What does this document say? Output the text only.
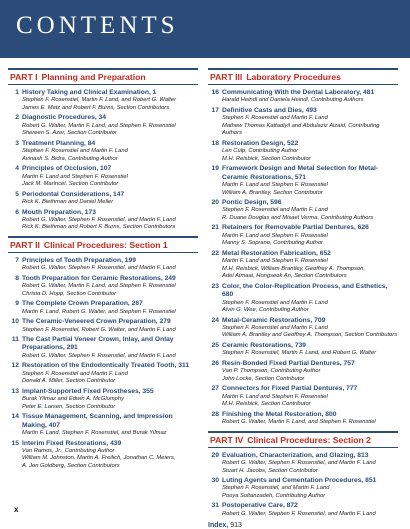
CONTENTS
PART I Planning and Preparation
1 History Taking and Clinical Examination, 1
Stephen F. Rosenstiel, Martin F. Land, and Robert G. Walter
James E. Metz and Robert F. Burns, Section Contributors
2 Diagnostic Procedures, 34
Robert G. Walter, Martin F. Land, and Stephen F. Rosenstiel
Shereen S. Azer, Section Contributor
3 Treatment Planning, 84
Stephen F. Rosenstiel and Martin F. Land
Avinash S. Bidra, Contributing Author
4 Principles of Occlusion, 107
Martin F. Land and Stephen F. Rosenstiel
Jack M. Marincel, Section Contributor
5 Periodontal Considerations, 147
Rick K. Biethman and Daniel Meller
6 Mouth Preparation, 173
Robert G. Walter, Stephen F. Rosenstiel, and Martin F. Land
Rick K. Biethman and Robert F. Burns, Section Contributors
PART II Clinical Procedures: Section 1
7 Principles of Tooth Preparation, 199
Robert G. Walter, Stephen F. Rosenstiel, and Martin F. Land
8 Tooth Preparation for Ceramic Restorations, 249
Robert G. Walter, Martin F. Land, and Stephen F. Rosenstiel
Christa D. Hopp, Section Contributor
9 The Complete Crown Preparation, 267
Martin F. Land, Robert G. Walter, and Stephen F. Rosenstiel
10 The Ceramic-Veneered Crown Preparation, 279
Stephen F. Rosenstiel, Robert G. Walter, and Martin F. Land
11 The Cast Partial Veneer Crown, Inlay, and Onlay Preparations, 291
Robert G. Walter, Stephen F. Rosenstiel, and Martin F. Land
12 Restoration of the Endodontically Treated Tooth, 311
Stephen F. Rosenstiel and Martin F. Land
Donald A. Miller, Section Contributor
13 Implant-Supported Fixed Prostheses, 355
Burak Yilmaz and Edwin A. McGlumphy
Peter E. Larsen, Section Contributor
14 Tissue Management, Scanning, and Impression Making, 407
Martin F. Land, Stephen F. Rosenstiel, and Burak Yilmaz
15 Interim Fixed Restorations, 439
Van Ramos, Jr., Contributing Author
William M. Johnston, Martin A. Freilich, Jonathan C. Meiers,
A. Jon Goldberg, Section Contributors
PART III Laboratory Procedures
16 Communicating With the Dental Laboratory, 481
Harald Heindl and Daniela Heindl, Contributing Authors
17 Definitive Casts and Dies, 493
Stephen F. Rosenstiel and Martin F. Land
Mathew Thomas Kattadiyil and Abdulaziz Alzaid, Contributing Authors
18 Restoration Design, 522
Len Culp, Contributing Author
M.H. Reisbick, Section Contributor
19 Framework Design and Metal Selection for Metal-Ceramic Restorations, 571
Martin F. Land and Stephen F. Rosenstiel
William A. Brantley, Section Contributor
20 Pontic Design, 596
Stephen F. Rosenstiel and Martin F. Land
R. Duane Douglas and Misael Verma, Contributing Authors
21 Retainers for Removable Partial Dentures, 626
Martin F. Land and Stephen F. Rosenstiel
Manny S. Soprano, Contributing Author
22 Metal Restoration Fabrication, 652
Martin F. Land and Stephen F. Rosenstiel
M.H. Reisbick, William Brantley, Geoffrey A. Thompson,
Adel Atmaai, Hongseok An, Section Contributors
23 Color, the Color-Replication Process, and Esthetics, 680
Stephen F. Rosenstiel and Martin F. Land
Alvin G. Wee, Contributing Author
24 Metal-Ceramic Restorations, 709
Stephen F. Rosenstiel and Martin F. Land
William A. Brantley and Geoffrey A. Thompson, Section Contributors
25 Ceramic Restorations, 739
Stephen F. Rosenstiel, Martin F. Land, and Robert G. Walter
26 Resin-Bonded Fixed Partial Dentures, 757
Van P. Thompson, Contributing Author
John Locke, Section Contributor
27 Connectors for Fixed Partial Dentures, 777
Martin F. Land and Stephen F. Rosenstiel
M.H. Reisbick, Section Contributor
28 Finishing the Metal Restoration, 800
Robert G. Walter, Martin F. Land, and Stephen F. Rosenstiel
PART IV Clinical Procedures: Section 2
29 Evaluation, Characterization, and Glazing, 813
Robert G. Walter, Stephen F. Rosenstiel, and Martin F. Land
Stuart H. Jacobs, Section Contributor
30 Luting Agents and Cementation Procedures, 851
Stephen F. Rosenstiel, and Martin F. Land
Pooya Soltanzadeh, Contributing Author
31 Postoperative Care, 872
Robert G. Walter, Stephen F. Rosenstiel, and Martin F. Land
Index, 913
x
